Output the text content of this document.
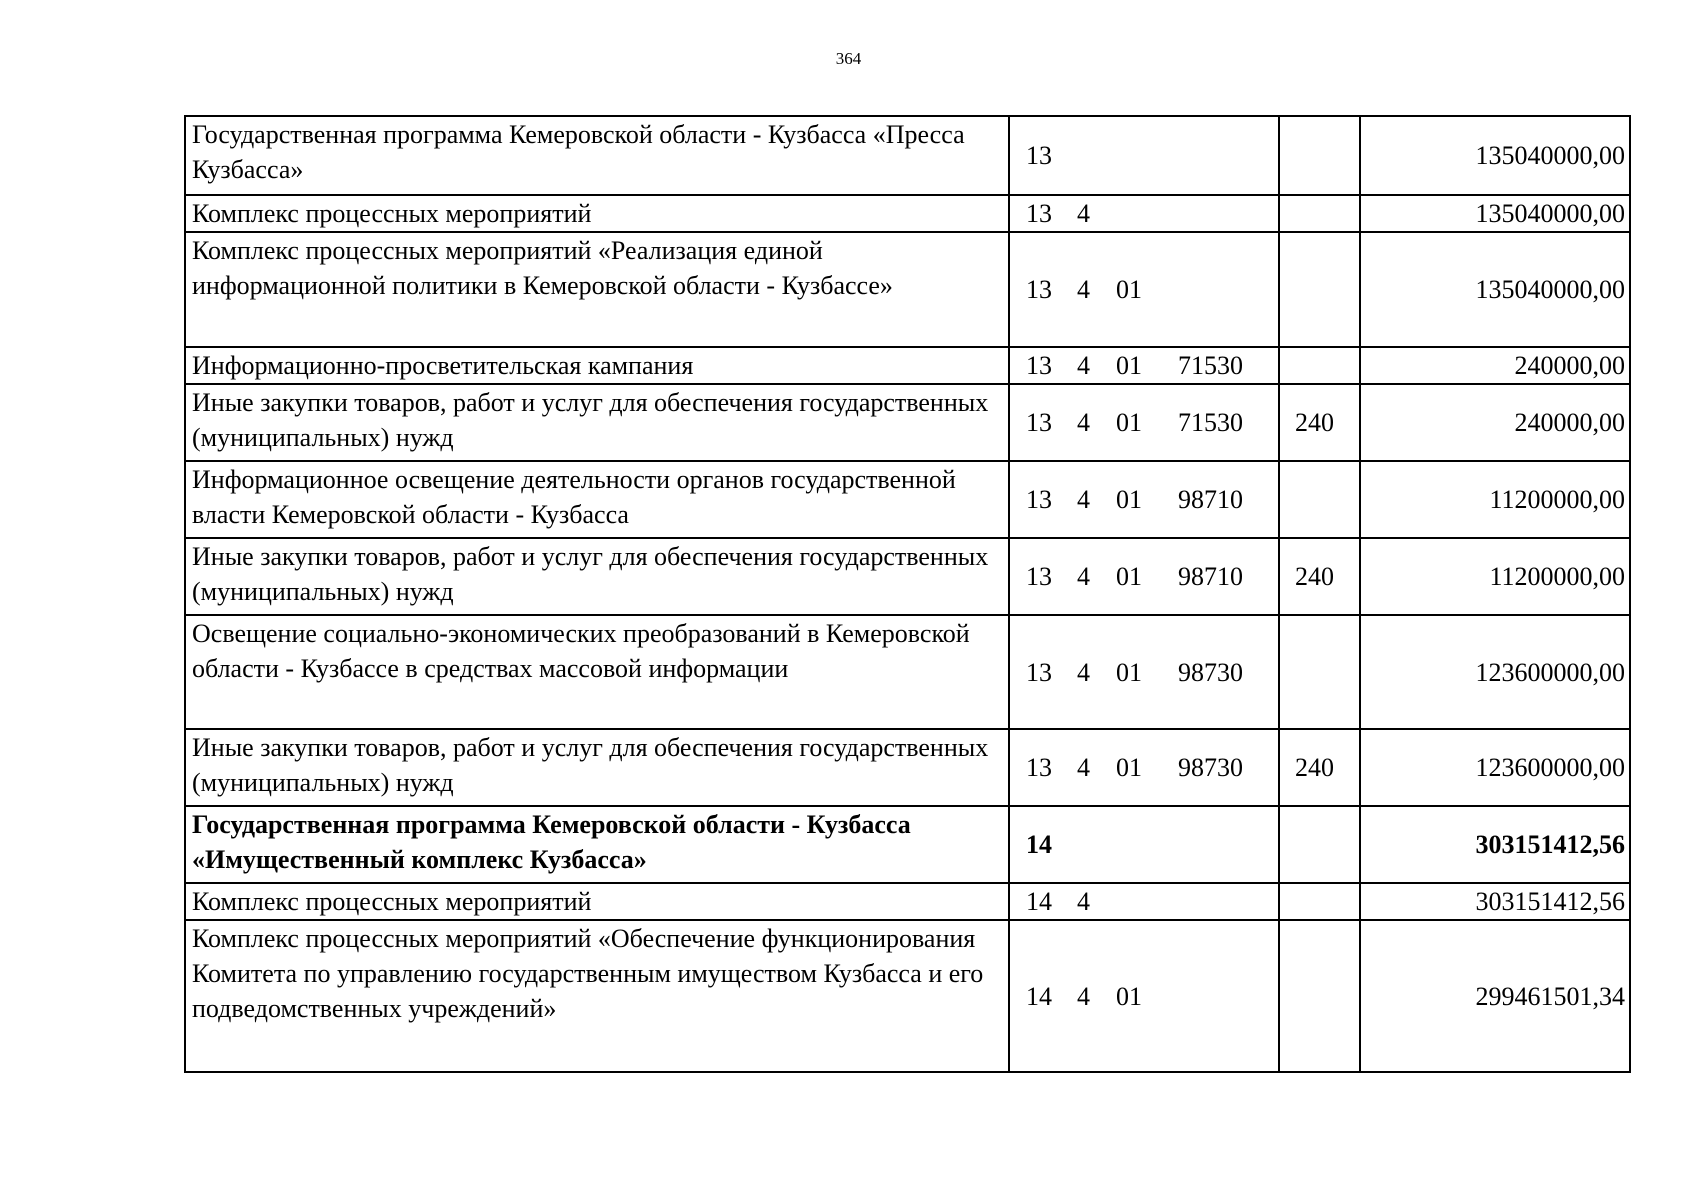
364
Государственная программа Кемеровской области - Кузбасса «Пресса Кузбасса»	13		135040000,00
Комплекс процессных мероприятий	13 4		135040000,00
Комплекс процессных мероприятий «Реализация единой информационной политики в Кемеровской области - Кузбассе»	13 4 01		135040000,00
Информационно-просветительская кампания	13 4 01 71530		240000,00
Иные закупки товаров, работ и услуг для обеспечения государственных (муниципальных) нужд	13 4 01 71530	240	240000,00
Информационное освещение деятельности органов государственной власти Кемеровской области - Кузбасса	13 4 01 98710		11200000,00
Иные закупки товаров, работ и услуг для обеспечения государственных (муниципальных) нужд	13 4 01 98710	240	11200000,00
Освещение социально-экономических преобразований в Кемеровской области - Кузбассе в средствах массовой информации	13 4 01 98730		123600000,00
Иные закупки товаров, работ и услуг для обеспечения государственных (муниципальных) нужд	13 4 01 98730	240	123600000,00
Государственная программа Кемеровской области - Кузбасса «Имущественный комплекс Кузбасса»	14		303151412,56
Комплекс процессных мероприятий	14 4		303151412,56
Комплекс процессных мероприятий «Обеспечение функционирования Комитета по управлению государственным имуществом Кузбасса и его подведомственных учреждений»	14 4 01		299461501,34
